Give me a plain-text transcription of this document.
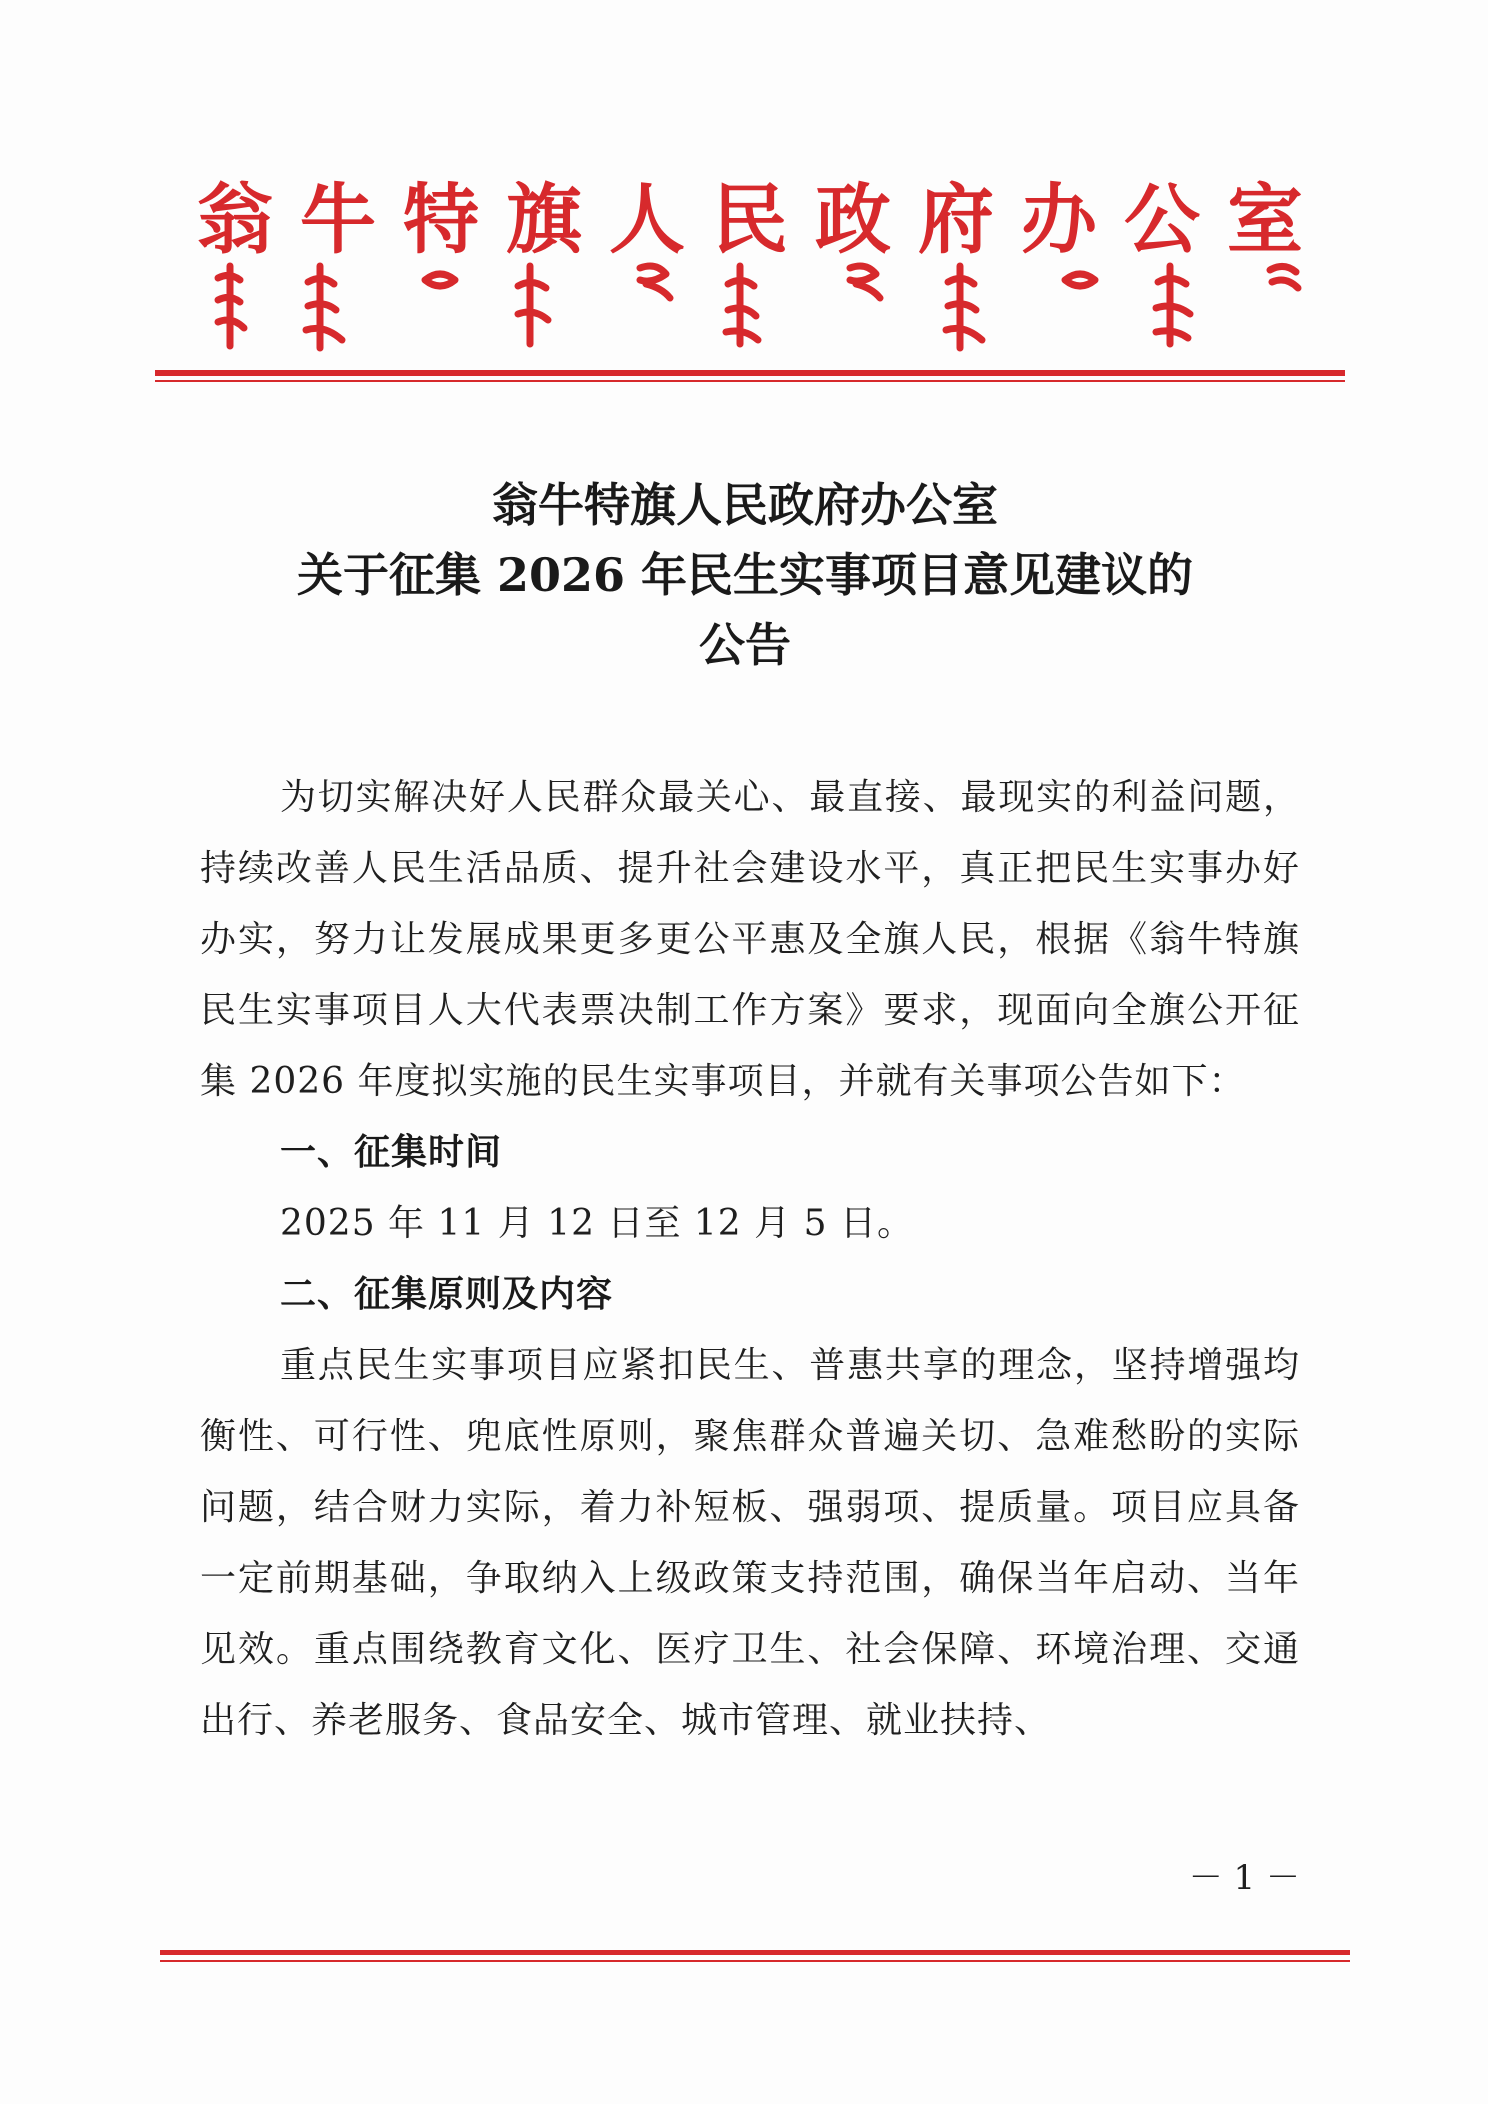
翁 牛 特 旗 人 民 政 府 办 公 室
翁牛特旗人民政府办公室
关于征集 2026 年民生实事项目意见建议的
公告

为切实解决好人民群众最关心、最直接、最现实的利益问题，持续改善人民生活品质、提升社会建设水平，真正把民生实事办好办实，努力让发展成果更多更公平惠及全旗人民，根据《翁牛特旗民生实事项目人大代表票决制工作方案》要求，现面向全旗公开征集 2026 年度拟实施的民生实事项目，并就有关事项公告如下：

一、征集时间

2025 年 11 月 12 日至 12 月 5 日。

二、征集原则及内容

重点民生实事项目应紧扣民生、普惠共享的理念，坚持增强均衡性、可行性、兜底性原则，聚焦群众普遍关切、急难愁盼的实际问题，结合财力实际，着力补短板、强弱项、提质量。项目应具备一定前期基础，争取纳入上级政策支持范围，确保当年启动、当年见效。重点围绕教育文化、医疗卫生、社会保障、环境治理、交通出行、养老服务、食品安全、城市管理、就业扶持、

－ 1 －
